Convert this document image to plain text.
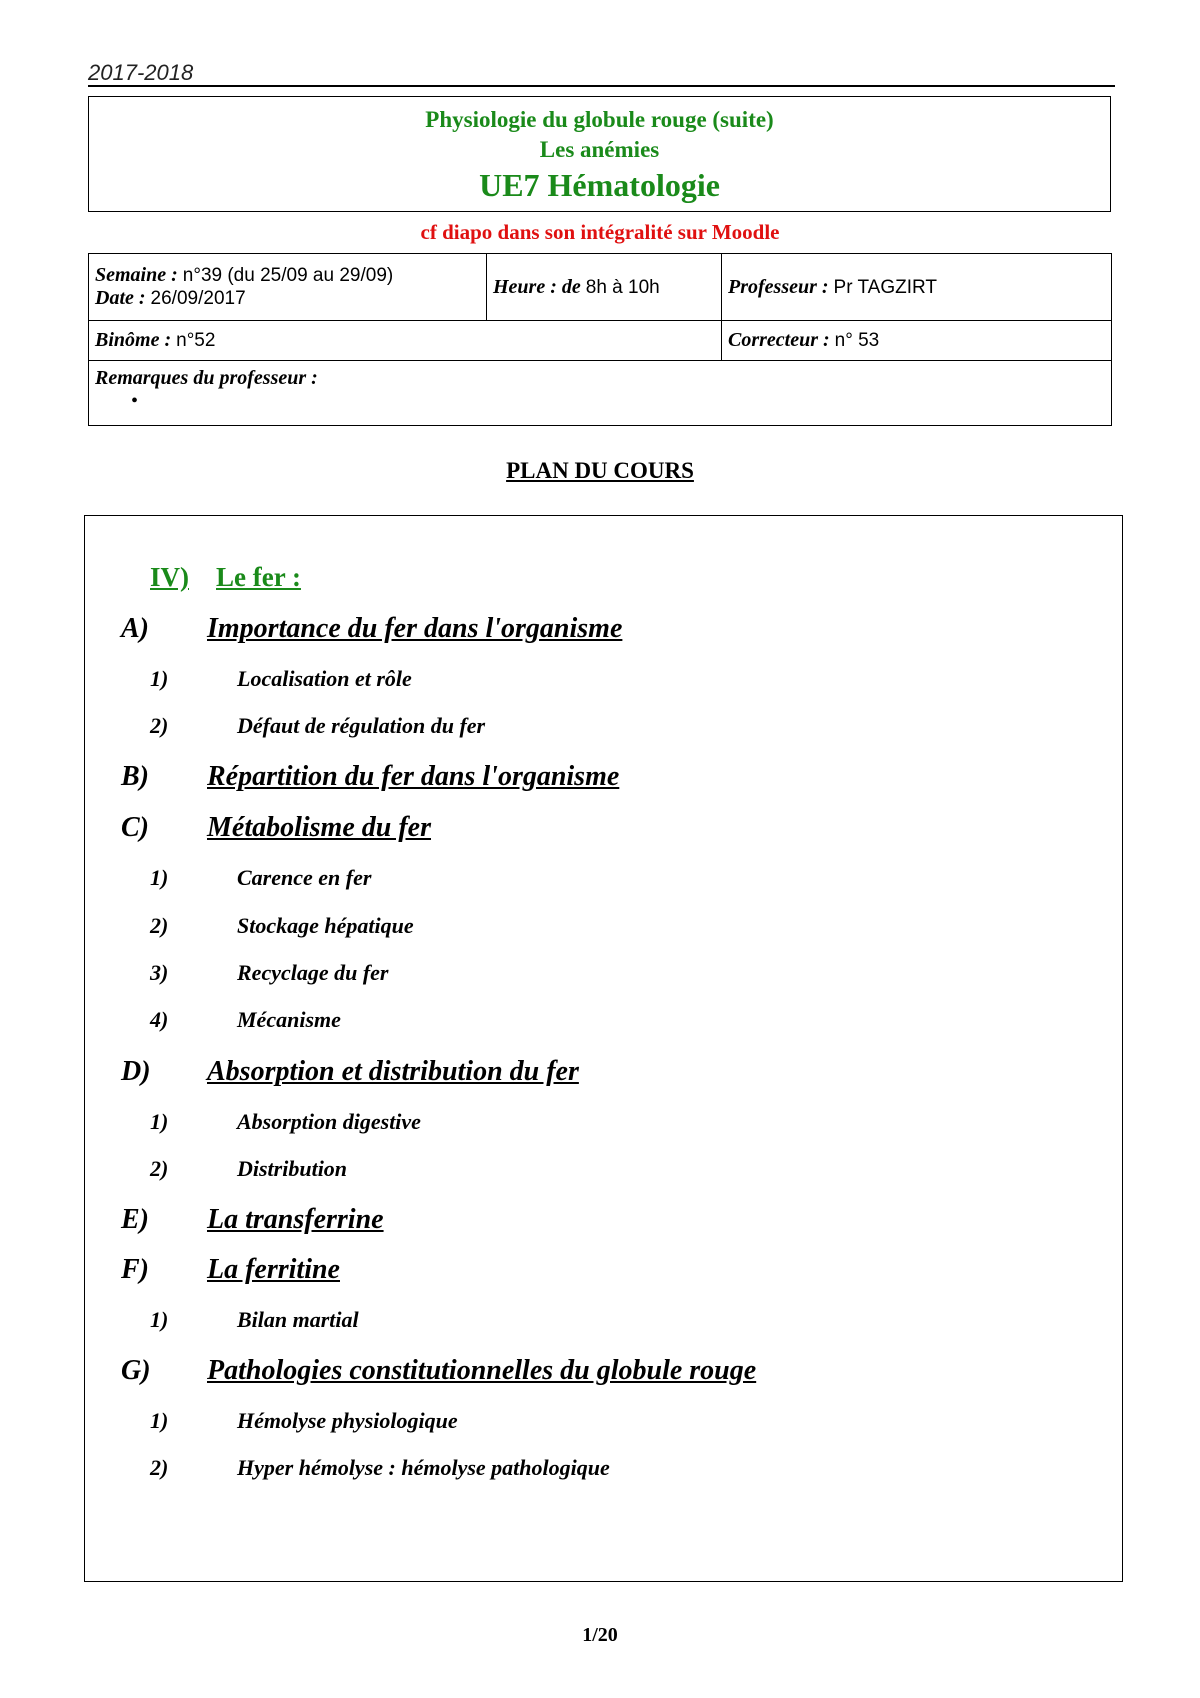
2017-2018
Physiologie du globule rouge (suite)
Les anémies
UE7 Hématologie
cf diapo dans son intégralité sur Moodle
Semaine : n°39 (du 25/09 au 29/09)
Date : 26/09/2017	Heure : de 8h à 10h	Professeur : Pr TAGZIRT
Binôme : n°52		Correcteur : n° 53

Remarques du professeur :
•		
PLAN DU COURS
IV) Le fer :
A) Importance du fer dans l'organisme
1)	Localisation et rôle
2)	Défaut de régulation du fer
B) Répartition du fer dans l'organisme
C) Métabolisme du fer
1)	Carence en fer
2)	Stockage hépatique
3)	Recyclage du fer
4)	Mécanisme
D) Absorption et distribution du fer
1)	Absorption digestive
2)	Distribution
E) La transferrine
F) La ferritine
1)	Bilan martial
G) Pathologies constitutionnelles du globule rouge
1)	Hémolyse physiologique
2)	Hyper hémolyse : hémolyse pathologique
1/20
